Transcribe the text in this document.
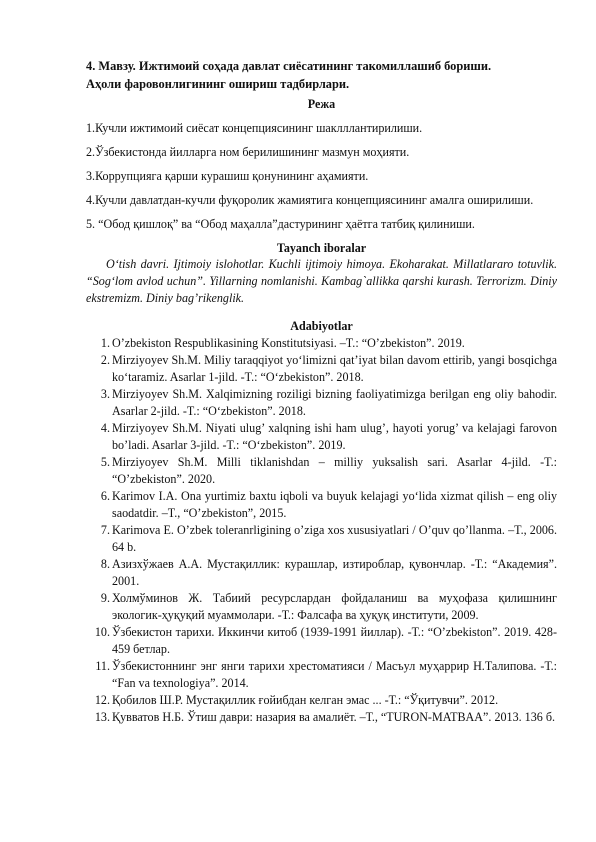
4. Мавзу. Ижтимоий соҳада давлат сиёсатининг такомиллашиб бориши.
Аҳоли фаровонлигининг ошириш тадбирлари.

Режа

1.Кучли ижтимоий сиёсат концепциясининг шаклллантирилиши.
2.Ўзбекистонда йилларга ном берилишининг мазмун моҳияти.
3.Коррупцияга қарши курашиш қонунининг аҳамияти.
4.Кучли давлатдан-кучли фуқоролик жамиятига концепциясининг амалга оширилиши.
5. “Обод қишлоқ” ва “Обод маҳалла”дастурининг ҳаётга татбиқ қилиниши.

Tayanch iboralar

O‘tish davri. Ijtimoiy islohotlar. Kuchli ijtimoiy himoya. Ekoharakat. Millatlararo totuvlik. “Sog‘lom avlod uchun”. Yillarning nomlanishi. Kambag`allikka qarshi kurash. Terrorizm. Diniy ekstremizm. Diniy bag’rikenglik.

Adabiyotlar

1. O’zbekiston Respublikasining Konstitutsiyasi. –T.: “O’zbekiston”. 2019.
2. Mirziyoyev Sh.M. Miliy taraqqiyot yo‘limizni qat’iyat bilan davom ettirib, yangi bosqichga ko‘taramiz. Asarlar 1-jild. -T.: “O‘zbekiston”. 2018.
3. Mirziyoyev Sh.M. Xalqimizning roziligi bizning faoliyatimizga berilgan eng oliy bahodir. Asarlar 2-jild. -T.: “O‘zbekiston”. 2018.
4. Mirziyoyev Sh.M. Niyati ulug’ xalqning ishi ham ulug’, hayoti yorug’ va kelajagi farovon bo’ladi. Asarlar 3-jild. -T.: “O‘zbekiston”. 2019.
5. Mirziyoyev Sh.M. Milli tiklanishdan – milliy yuksalish sari. Asarlar 4-jild. -T.: “O’zbekiston”. 2020.
6. Karimov I.A. Ona yurtimiz baxtu iqboli va buyuk kelajagi yo‘lida xizmat qilish – eng oliy saodatdir. –T., “O’zbekiston”, 2015.
7. Karimova E. O’zbek toleranrligining o’ziga xos xususiyatlari / O’quv qo’llanma. –T., 2006. 64 b.
8. Азизхўжаев А.А. Мустақиллик: курашлар, изтироблар, қувончлар. -Т.: “Академия”. 2001.
9. Холмўминов Ж. Табиий ресурслардан фойдаланиш ва муҳофаза қилишнинг экологик-ҳуқуқий муаммолари. -Т.: Фалсафа ва ҳуқуқ институти, 2009.
10. Ўзбекистон тарихи. Иккинчи китоб (1939-1991 йиллар). -Т.: “O’zbekiston”. 2019. 428-459 бетлар.
11. Ўзбекистоннинг энг янги тарихи хрестоматияси / Масъул муҳаррир Н.Талипова. -Т.: “Fan va texnologiya”. 2014.
12. Қобилов Ш.Р. Мустақиллик ғойибдан келган эмас ... -Т.: “Ўқитувчи”. 2012.
13. Қувватов Н.Б. Ўтиш даври: назария ва амалиёт. –Т., “TURON-MATBAA”. 2013. 136 б.
